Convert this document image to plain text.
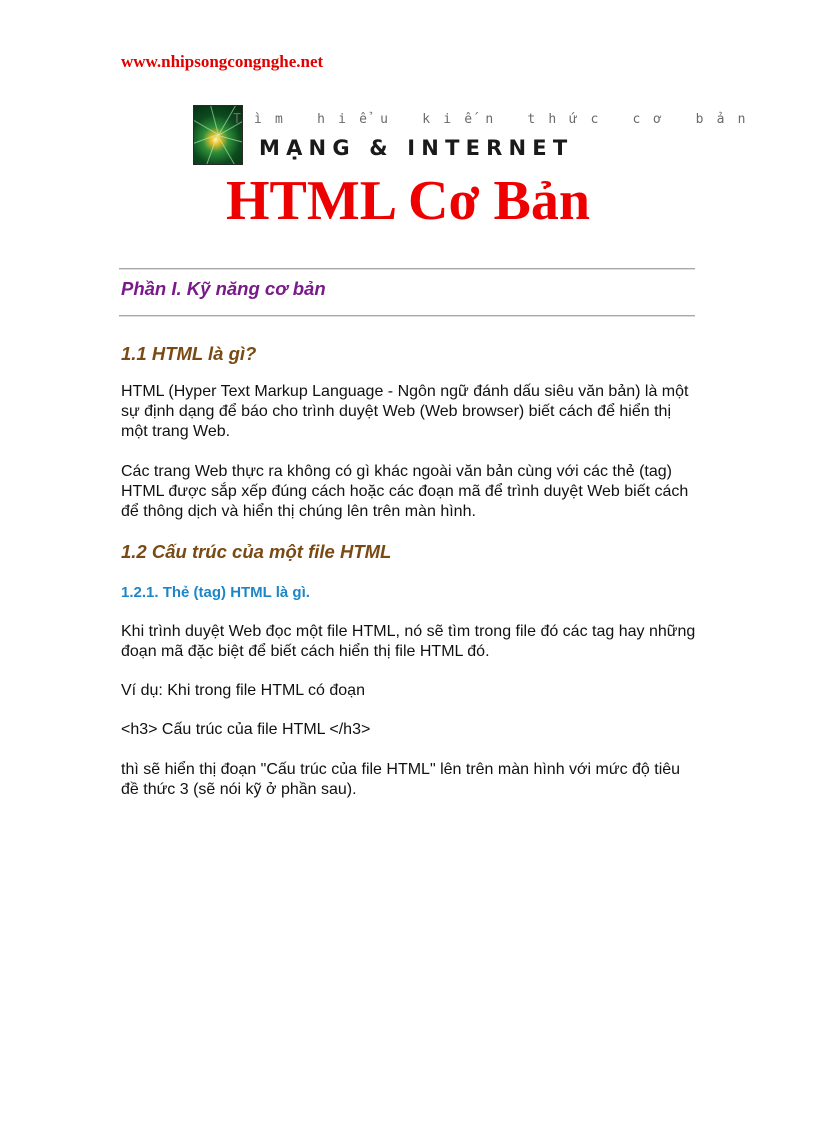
www.nhipsongcongnghe.net
Tìm hiểu kiến thức cơ bản
MẠNG & INTERNET
HTML Cơ Bản
Phần I. Kỹ năng cơ bản
1.1 HTML là gì?

HTML (Hyper Text Markup Language - Ngôn ngữ đánh dấu siêu văn bản) là một
sự định dạng để báo cho trình duyệt Web (Web browser) biết cách để hiển thị
một trang Web.

Các trang Web thực ra không có gì khác ngoài văn bản cùng với các thẻ (tag)
HTML được sắp xếp đúng cách hoặc các đoạn mã để trình duyệt Web biết cách
để thông dịch và hiển thị chúng lên trên màn hình.

1.2 Cấu trúc của một file HTML
1.2.1. Thẻ (tag) HTML là gì.

Khi trình duyệt Web đọc một file HTML, nó sẽ tìm trong file đó các tag hay những
đoạn mã đặc biệt để biết cách hiển thị file HTML đó.

Ví dụ: Khi trong file HTML có đoạn

<h3> Cấu trúc của file HTML </h3>

thì sẽ hiển thị đoạn "Cấu trúc của file HTML" lên trên màn hình với mức độ tiêu
đề thức 3 (sẽ nói kỹ ở phần sau).
